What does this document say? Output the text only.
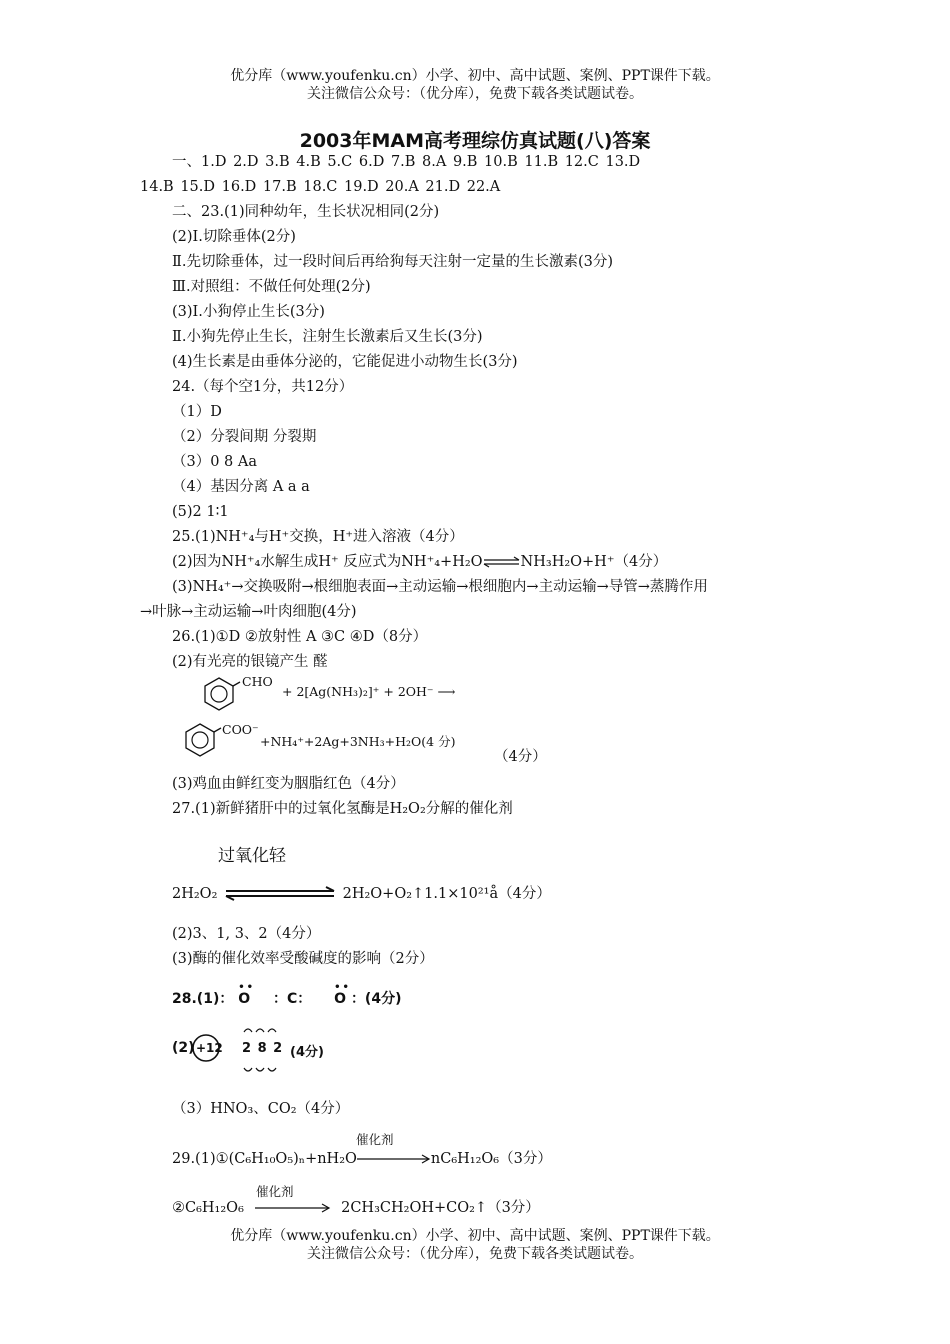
优分库（www.youfenku.cn）小学、初中、高中试题、案例、PPT课件下载。
关注微信公众号：（优分库），免费下载各类试题试卷。
2003年MAM高考理综仿真试题(八)答案
一、1.D 2.D 3.B 4.B 5.C 6.D 7.B 8.A 9.B 10.B 11.B 12.C 13.D
14.B 15.D 16.D 17.B 18.C 19.D 20.A 21.D 22.A
二、23.(1)同种幼年，生长状况相同(2分)
(2)Ⅰ.切除垂体(2分)
Ⅱ.先切除垂体，过一段时间后再给狗每天注射一定量的生长激素(3分)
Ⅲ.对照组：不做任何处理(2分)
(3)Ⅰ.小狗停止生长(3分)
Ⅱ.小狗先停止生长，注射生长激素后又生长(3分)
(4)生长素是由垂体分泌的，它能促进小动物生长(3分)
24.（每个空1分，共12分）
（1）D
（2）分裂间期 分裂期
（3）0 8 Aa
（4）基因分离 A a a
(5)2 1∶1
25.(1)NH⁺₄与H⁺交换，H⁺进入溶液（4分）
(2)因为NH⁺₄水解生成H⁺ 反应式为NH⁺₄+H₂O⇌NH₃H₂O+H⁺（4分）
(3)NH₄⁺→交换吸附→根细胞表面→主动运输→根细胞内→主动运输→导管→蒸腾作用
→叶脉→主动运输→叶肉细胞(4分)
26.(1)①D ②放射性 A ③C ④D（8分）
(2)有光亮的银镜产生 醛
CHO
+ 2[Ag(NH₃)₂]⁺ + 2OH⁻ ⟶
COO⁻
+NH₄⁺+2Ag+3NH₃+H₂O(4 分)
（4分）
(3)鸡血由鲜红变为胭脂红色（4分）
27.(1)新鲜猪肝中的过氧化氢酶是H₂O₂分解的催化剂
过氧化轻
2H₂O₂	2H₂O+O₂↑1.1×10²¹å（4分）
(2)3、1, 3、2（4分）
(3)酶的催化效率受酸碱度的影响（2分）
28.(1)：
••
O ：C：
••
O ：(4分)
(2) +12 2 8 2 (4分)
（3）HNO₃、CO₂（4分）
催化剂
29.(1)①(C₆H₁₀O₅)ₙ+nH₂O	nC₆H₁₂O₆（3分）
催化剂
②C₆H₁₂O₆	2CH₃CH₂OH+CO₂↑（3分）
优分库（www.youfenku.cn）小学、初中、高中试题、案例、PPT课件下载。
关注微信公众号：（优分库），免费下载各类试题试卷。
